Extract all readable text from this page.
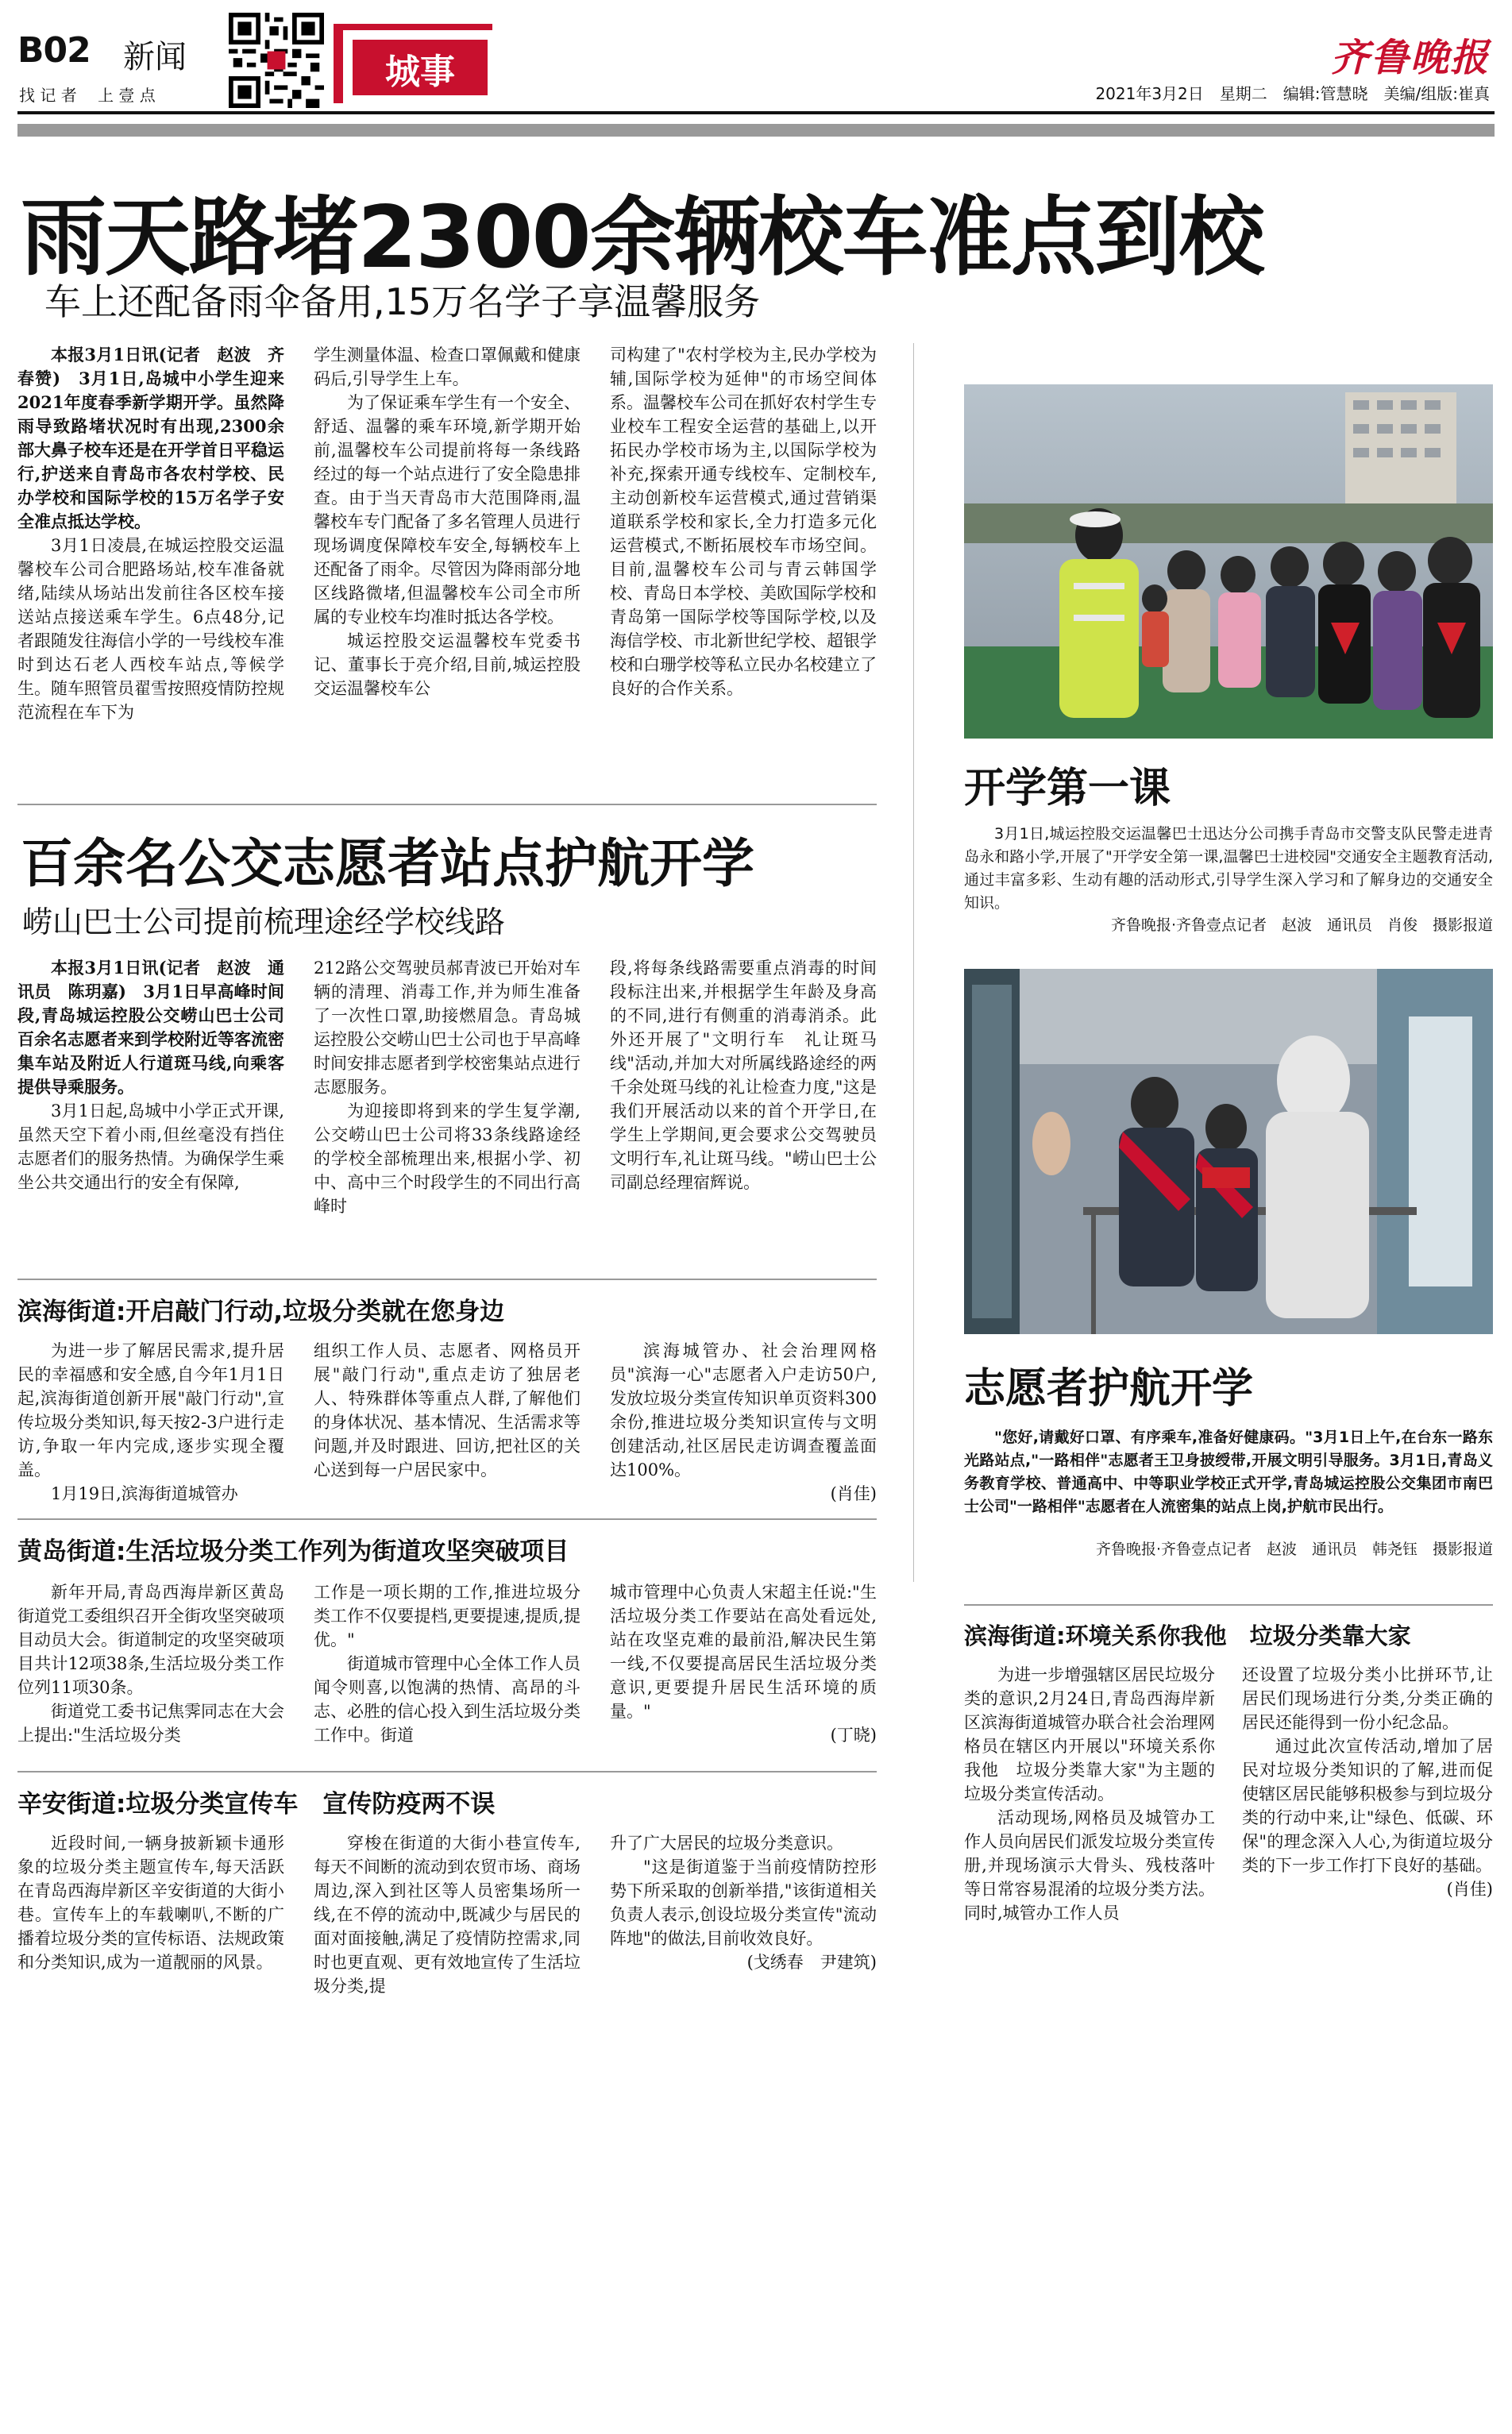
B02 新闻
找 记 者　 上 壹 点
城事	齐鲁晚报
2021年3月2日　星期二　编辑:管慧晓　美编/组版:崔真
雨天路堵2300余辆校车准点到校
车上还配备雨伞备用,15万名学子享温馨服务

本报3月1日讯(记者　赵波　齐春赞)　3月1日,岛城中小学生迎来2021年度春季新学期开学。虽然降雨导致路堵状况时有出现,2300余部大鼻子校车还是在开学首日平稳运行,护送来自青岛市各农村学校、民办学校和国际学校的15万名学子安全准点抵达学校。

3月1日凌晨,在城运控股交运温馨校车公司合肥路场站,校车准备就绪,陆续从场站出发前往各区校车接送站点接送乘车学生。6点48分,记者跟随发往海信小学的一号线校车准时到达石老人西校车站点,等候学生。随车照管员翟雪按照疫情防控规范流程在车下为

学生测量体温、检查口罩佩戴和健康码后,引导学生上车。

为了保证乘车学生有一个安全、舒适、温馨的乘车环境,新学期开始前,温馨校车公司提前将每一条线路经过的每一个站点进行了安全隐患排查。由于当天青岛市大范围降雨,温馨校车专门配备了多名管理人员进行现场调度保障校车安全,每辆校车上还配备了雨伞。尽管因为降雨部分地区线路微堵,但温馨校车公司全市所属的专业校车均准时抵达各学校。

城运控股交运温馨校车党委书记、董事长于亮介绍,目前,城运控股交运温馨校车公

司构建了"农村学校为主,民办学校为辅,国际学校为延伸"的市场空间体系。温馨校车公司在抓好农村学生专业校车工程安全运营的基础上,以开拓民办学校市场为主,以国际学校为补充,探索开通专线校车、定制校车,主动创新校车运营模式,通过营销渠道联系学校和家长,全力打造多元化运营模式,不断拓展校车市场空间。目前,温馨校车公司与青云韩国学校、青岛日本学校、美欧国际学校和青岛第一国际学校等国际学校,以及海信学校、市北新世纪学校、超银学校和白珊学校等私立民办名校建立了良好的合作关系。

开学第一课

3月1日,城运控股交运温馨巴士迅达分公司携手青岛市交警支队民警走进青岛永和路小学,开展了"开学安全第一课,温馨巴士进校园"交通安全主题教育活动,通过丰富多彩、生动有趣的活动形式,引导学生深入学习和了解身边的交通安全知识。

齐鲁晚报·齐鲁壹点记者　赵波　通讯员　肖俊　摄影报道
志愿者护航开学

"您好,请戴好口罩、有序乘车,准备好健康码。"3月1日上午,在台东一路东光路站点,"一路相伴"志愿者王卫身披绶带,开展文明引导服务。3月1日,青岛义务教育学校、普通高中、中等职业学校正式开学,青岛城运控股公交集团市南巴士公司"一路相伴"志愿者在人流密集的站点上岗,护航市民出行。

齐鲁晚报·齐鲁壹点记者　赵波　通讯员　韩尧钰　摄影报道
百余名公交志愿者站点护航开学
崂山巴士公司提前梳理途经学校线路

本报3月1日讯(记者　赵波　通讯员　陈玥嘉)　3月1日早高峰时间段,青岛城运控股公交崂山巴士公司百余名志愿者来到学校附近等客流密集车站及附近人行道斑马线,向乘客提供导乘服务。

3月1日起,岛城中小学正式开课,虽然天空下着小雨,但丝毫没有挡住志愿者们的服务热情。为确保学生乘坐公共交通出行的安全有保障,

212路公交驾驶员郝青波已开始对车辆的清理、消毒工作,并为师生准备了一次性口罩,助接燃眉急。青岛城运控股公交崂山巴士公司也于早高峰时间安排志愿者到学校密集站点进行志愿服务。

为迎接即将到来的学生复学潮,公交崂山巴士公司将33条线路途经的学校全部梳理出来,根据小学、初中、高中三个时段学生的不同出行高峰时

段,将每条线路需要重点消毒的时间段标注出来,并根据学生年龄及身高的不同,进行有侧重的消毒消杀。此外还开展了"文明行车　礼让斑马线"活动,并加大对所属线路途经的两千余处斑马线的礼让检查力度,"这是我们开展活动以来的首个开学日,在学生上学期间,更会要求公交驾驶员文明行车,礼让斑马线。"崂山巴士公司副总经理宿辉说。

滨海街道:开启敲门行动,垃圾分类就在您身边

为进一步了解居民需求,提升居民的幸福感和安全感,自今年1月1日起,滨海街道创新开展"敲门行动",宣传垃圾分类知识,每天按2-3户进行走访,争取一年内完成,逐步实现全覆盖。

1月19日,滨海街道城管办

组织工作人员、志愿者、网格员开展"敲门行动",重点走访了独居老人、特殊群体等重点人群,了解他们的身体状况、基本情况、生活需求等问题,并及时跟进、回访,把社区的关心送到每一户居民家中。

滨海城管办、社会治理网格员"滨海一心"志愿者入户走访50户,发放垃圾分类宣传知识单页资料300余份,推进垃圾分类知识宣传与文明创建活动,社区居民走访调查覆盖面达100%。

(肖佳)
黄岛街道:生活垃圾分类工作列为街道攻坚突破项目

新年开局,青岛西海岸新区黄岛街道党工委组织召开全街攻坚突破项目动员大会。街道制定的攻坚突破项目共计12项38条,生活垃圾分类工作位列11项30条。

街道党工委书记焦霁同志在大会上提出:"生活垃圾分类

工作是一项长期的工作,推进垃圾分类工作不仅要提档,更要提速,提质,提优。"

街道城市管理中心全体工作人员闻令则喜,以饱满的热情、高昂的斗志、必胜的信心投入到生活垃圾分类工作中。街道

城市管理中心负责人宋超主任说:"生活垃圾分类工作要站在高处看远处,站在攻坚克难的最前沿,解决民生第一线,不仅要提高居民生活垃圾分类意识,更要提升居民生活环境的质量。"

(丁晓)
辛安街道:垃圾分类宣传车　宣传防疫两不误

近段时间,一辆身披新颖卡通形象的垃圾分类主题宣传车,每天活跃在青岛西海岸新区辛安街道的大街小巷。宣传车上的车载喇叭,不断的广播着垃圾分类的宣传标语、法规政策和分类知识,成为一道靓丽的风景。

穿梭在街道的大街小巷宣传车,每天不间断的流动到农贸市场、商场周边,深入到社区等人员密集场所一线,在不停的流动中,既减少与居民的面对面接触,满足了疫情防控需求,同时也更直观、更有效地宣传了生活垃圾分类,提

升了广大居民的垃圾分类意识。

"这是街道鉴于当前疫情防控形势下所采取的创新举措,"该街道相关负责人表示,创设垃圾分类宣传"流动阵地"的做法,目前收效良好。

(戈绣春　尹建筑)
滨海街道:环境关系你我他　垃圾分类靠大家

为进一步增强辖区居民垃圾分类的意识,2月24日,青岛西海岸新区滨海街道城管办联合社会治理网格员在辖区内开展以"环境关系你我他　垃圾分类靠大家"为主题的垃圾分类宣传活动。

活动现场,网格员及城管办工作人员向居民们派发垃圾分类宣传册,并现场演示大骨头、残枝落叶等日常容易混淆的垃圾分类方法。同时,城管办工作人员

还设置了垃圾分类小比拼环节,让居民们现场进行分类,分类正确的居民还能得到一份小纪念品。

通过此次宣传活动,增加了居民对垃圾分类知识的了解,进而促使辖区居民能够积极参与到垃圾分类的行动中来,让"绿色、低碳、环保"的理念深入人心,为街道垃圾分类的下一步工作打下良好的基础。

(肖佳)
